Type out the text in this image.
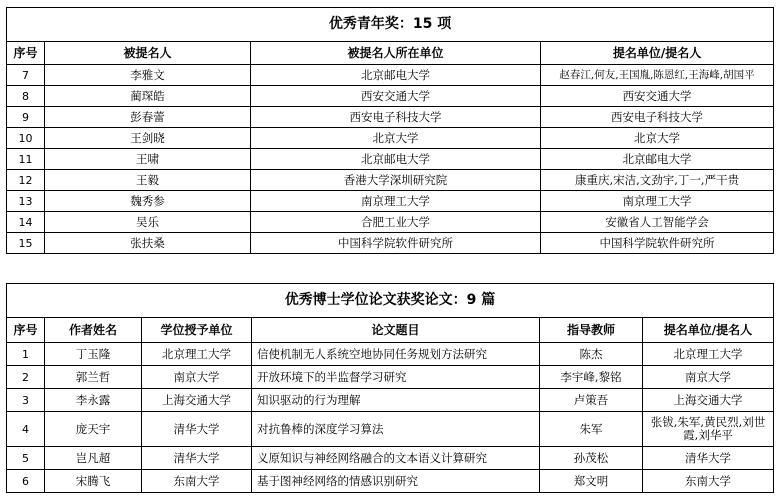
优秀青年奖：15 项			
序号	被提名人	被提名人所在单位	提名单位/提名人
7	李雅文	北京邮电大学	赵春江,何友,王国胤,陈恩红,王海峰,胡国平
8	蔺琛皓	西安交通大学	西安交通大学
9	彭春蕾	西安电子科技大学	西安电子科技大学
10	王剑晓	北京大学	北京大学
11	王啸	北京邮电大学	北京邮电大学
12	王毅	香港大学深圳研究院	康重庆,宋洁,文劲宇,丁一,严干贵
13	魏秀参	南京理工大学	南京理工大学
14	吴乐	合肥工业大学	安徽省人工智能学会
15	张扶桑	中国科学院软件研究所	中国科学院软件研究所
优秀博士学位论文获奖论文：9 篇					
序号	作者姓名	学位授予单位	论文题目	指导教师	提名单位/提名人
1	丁玉隆	北京理工大学	信使机制无人系统空地协同任务规划方法研究	陈杰	北京理工大学
2	郭兰哲	南京大学	开放环境下的半监督学习研究	李宇峰,黎铭	南京大学
3	李永露	上海交通大学	知识驱动的行为理解	卢策吾	上海交通大学
4	庞天宇	清华大学	对抗鲁棒的深度学习算法	朱军	张钹,朱军,黄民烈,刘世霞,刘华平
5	岂凡超	清华大学	义原知识与神经网络融合的文本语义计算研究	孙茂松	清华大学
6	宋腾飞	东南大学	基于图神经网络的情感识别研究	郑文明	东南大学
